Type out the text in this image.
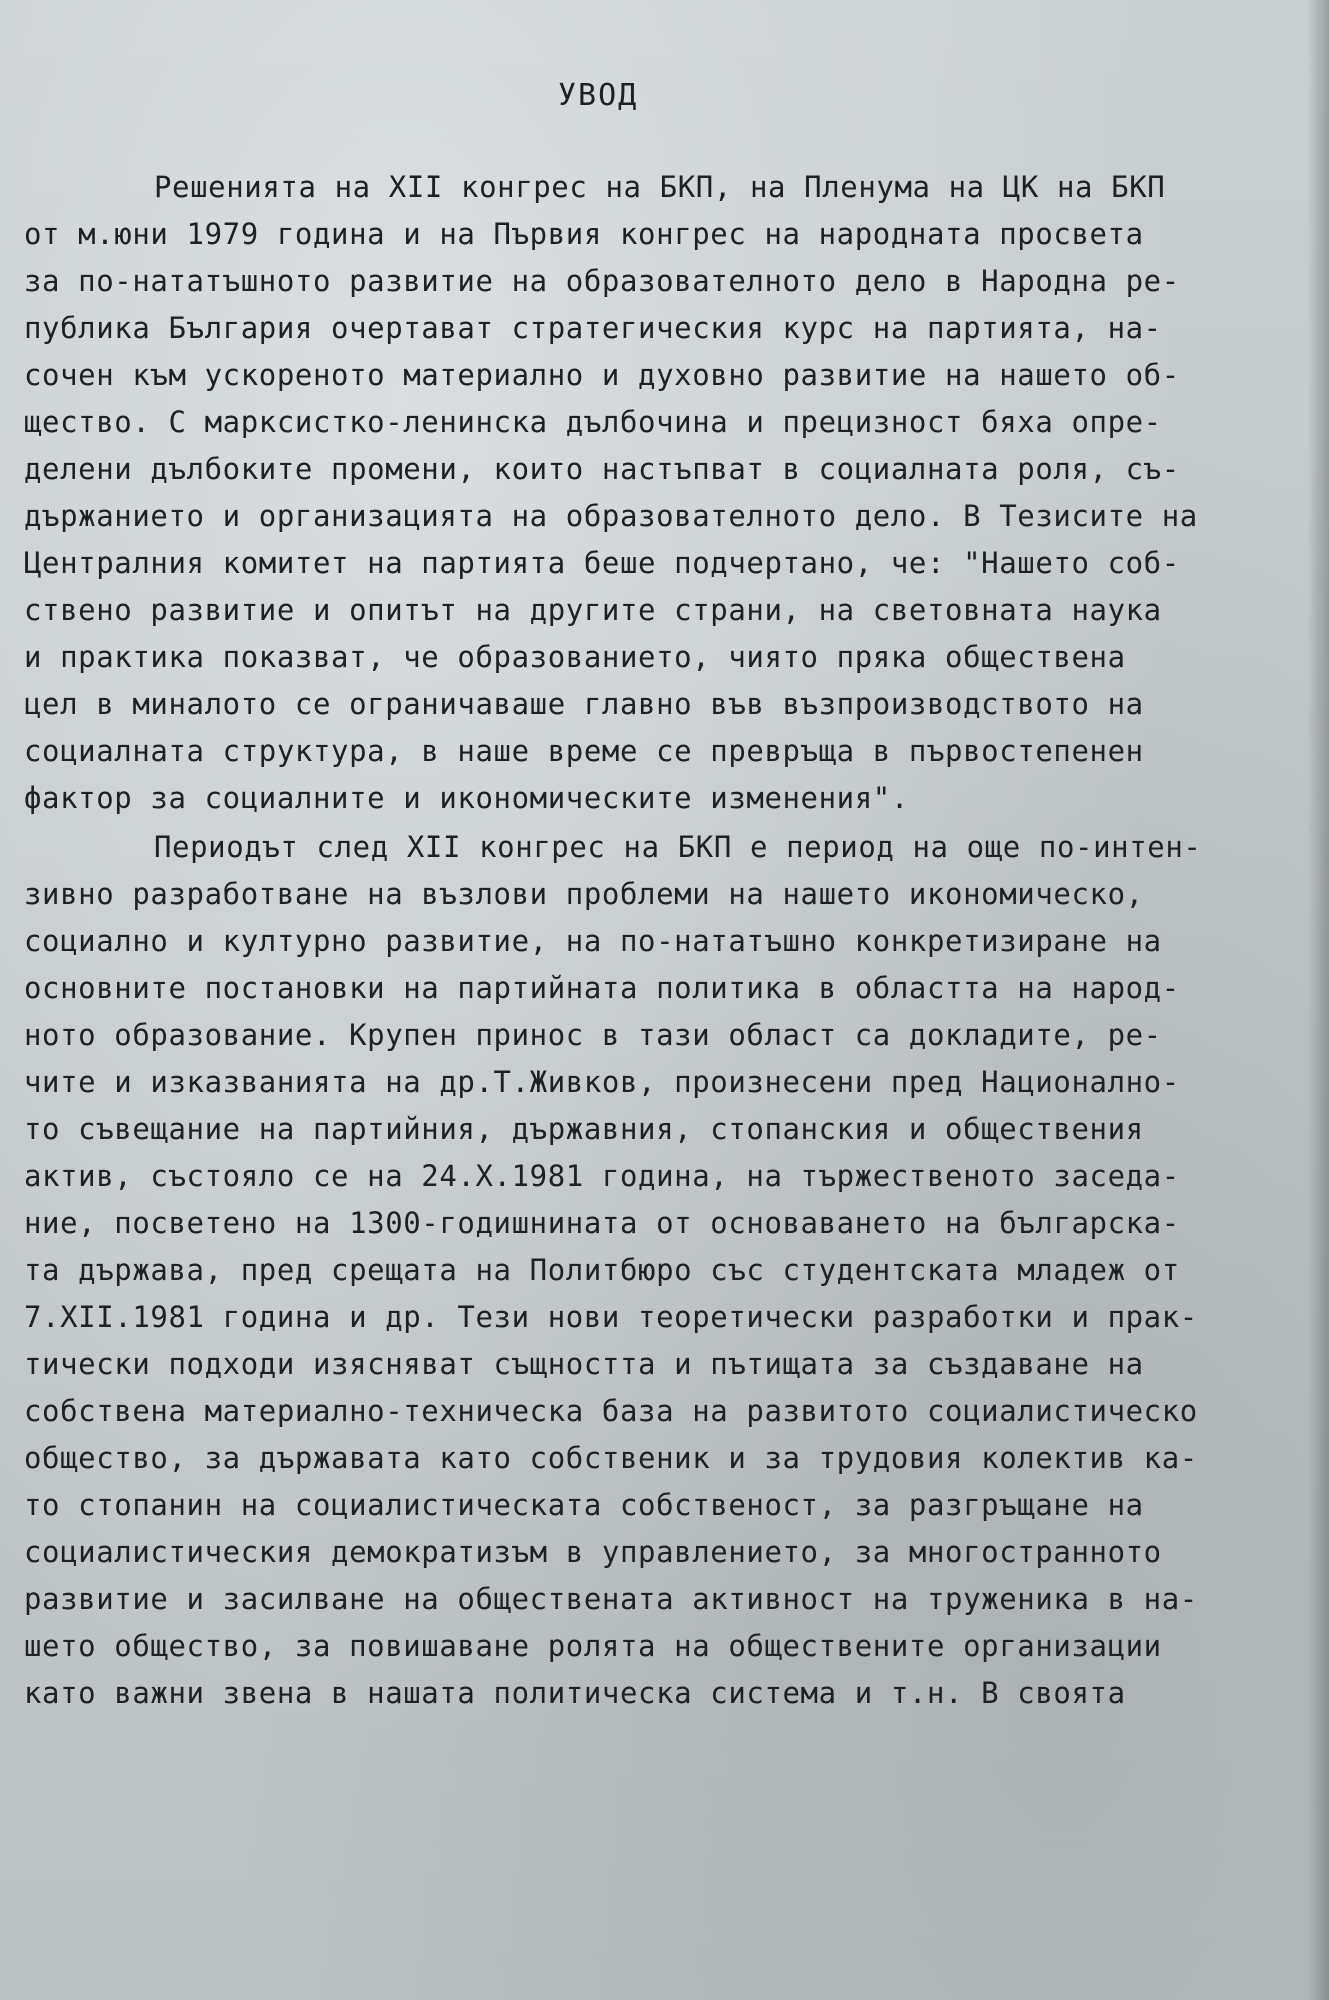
УВОД
Решенията на XII конгрес на БКП, на Пленума на ЦК на БКП
от м.юни 1979 година и на Първия конгрес на народната просвета
за по-нататъшното развитие на образователното дело в Народна ре-
публика България очертават стратегическия курс на партията, на-
сочен към ускореното материално и духовно развитие на нашето об-
щество. С марксистко-ленинска дълбочина и прецизност бяха опре-
делени дълбоките промени, които настъпват в социалната роля, съ-
държанието и организацията на образователното дело. В Тезисите на
Централния комитет на партията беше подчертано, че: "Нашето соб-
ствено развитие и опитът на другите страни, на световната наука
и практика показват, че образованието, чиято пряка обществена
цел в миналото се ограничаваше главно във възпроизводството на
социалната структура, в наше време се превръща в първостепенен
фактор за социалните и икономическите изменения".
Периодът след XII конгрес на БКП е период на още по-интен-
зивно разработване на възлови проблеми на нашето икономическо,
социално и културно развитие, на по-нататъшно конкретизиране на
основните постановки на партийната политика в областта на народ-
ното образование. Крупен принос в тази област са докладите, ре-
чите и изказванията на др.Т.Живков, произнесени пред Национално-
то съвещание на партийния, държавния, стопанския и обществения
актив, състояло се на 24.X.1981 година, на тържественото заседа-
ние, посветено на 1300-годишнината от основаването на българска-
та държава, пред срещата на Политбюро със студентската младеж от
7.XII.1981 година и др. Тези нови теоретически разработки и прак-
тически подходи изясняват същността и пътищата за създаване на
собствена материално-техническа база на развитото социалистическо
общество, за държавата като собственик и за трудовия колектив ка-
то стопанин на социалистическата собственост, за разгръщане на
социалистическия демократизъм в управлението, за многостранното
развитие и засилване на обществената активност на труженика в на-
шето общество, за повишаване ролята на обществените организации
като важни звена в нашата политическа система и т.н. В своята
